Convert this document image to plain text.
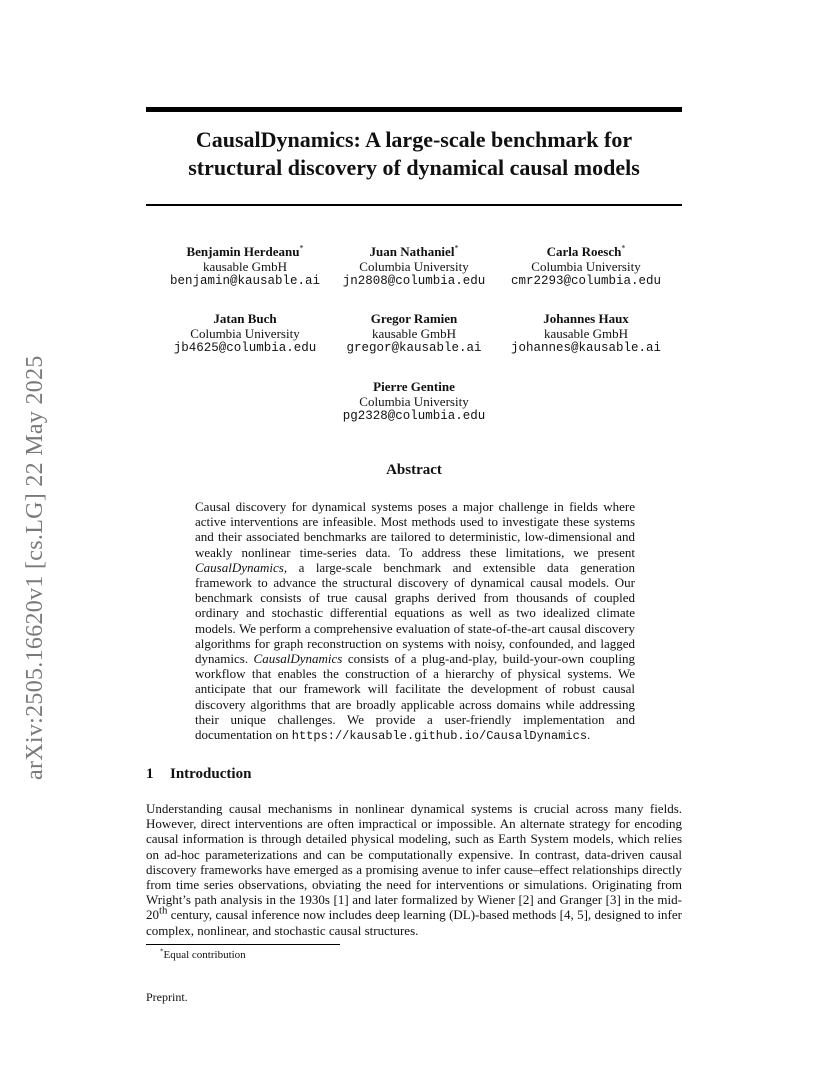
arXiv:2505.16620v1 [cs.LG] 22 May 2025
CausalDynamics: A large-scale benchmark for
structural discovery of dynamical causal models
Benjamin Herdeanu*
kausable GmbH
benjamin@kausable.ai
Juan Nathaniel*
Columbia University
jn2808@columbia.edu
Carla Roesch*
Columbia University
cmr2293@columbia.edu
Jatan Buch
Columbia University
jb4625@columbia.edu
Gregor Ramien
kausable GmbH
gregor@kausable.ai
Johannes Haux
kausable GmbH
johannes@kausable.ai
Pierre Gentine
Columbia University
pg2328@columbia.edu
Abstract
Causal discovery for dynamical systems poses a major challenge in fields where active interventions are infeasible. Most methods used to investigate these systems and their associated benchmarks are tailored to deterministic, low-dimensional and weakly nonlinear time-series data. To address these limitations, we present CausalDynamics, a large-scale benchmark and extensible data generation framework to advance the structural discovery of dynamical causal models. Our benchmark consists of true causal graphs derived from thousands of coupled ordinary and stochastic differential equations as well as two idealized climate models. We perform a comprehensive evaluation of state-of-the-art causal discovery algorithms for graph reconstruction on systems with noisy, confounded, and lagged dynamics. CausalDynamics consists of a plug-and-play, build-your-own coupling workflow that enables the construction of a hierarchy of physical systems. We anticipate that our framework will facilitate the development of robust causal discovery algorithms that are broadly applicable across domains while addressing their unique challenges. We provide a user-friendly implementation and documentation on https://kausable.github.io/CausalDynamics.
1 Introduction
Understanding causal mechanisms in nonlinear dynamical systems is crucial across many fields. However, direct interventions are often impractical or impossible. An alternate strategy for encoding causal information is through detailed physical modeling, such as Earth System models, which relies on ad-hoc parameterizations and can be computationally expensive. In contrast, data-driven causal discovery frameworks have emerged as a promising avenue to infer cause–effect relationships directly from time series observations, obviating the need for interventions or simulations. Originating from Wright’s path analysis in the 1930s [1] and later formalized by Wiener [2] and Granger [3] in the mid-20th century, causal inference now includes deep learning (DL)-based methods [4, 5], designed to infer complex, nonlinear, and stochastic causal structures.
*Equal contribution
Preprint.
